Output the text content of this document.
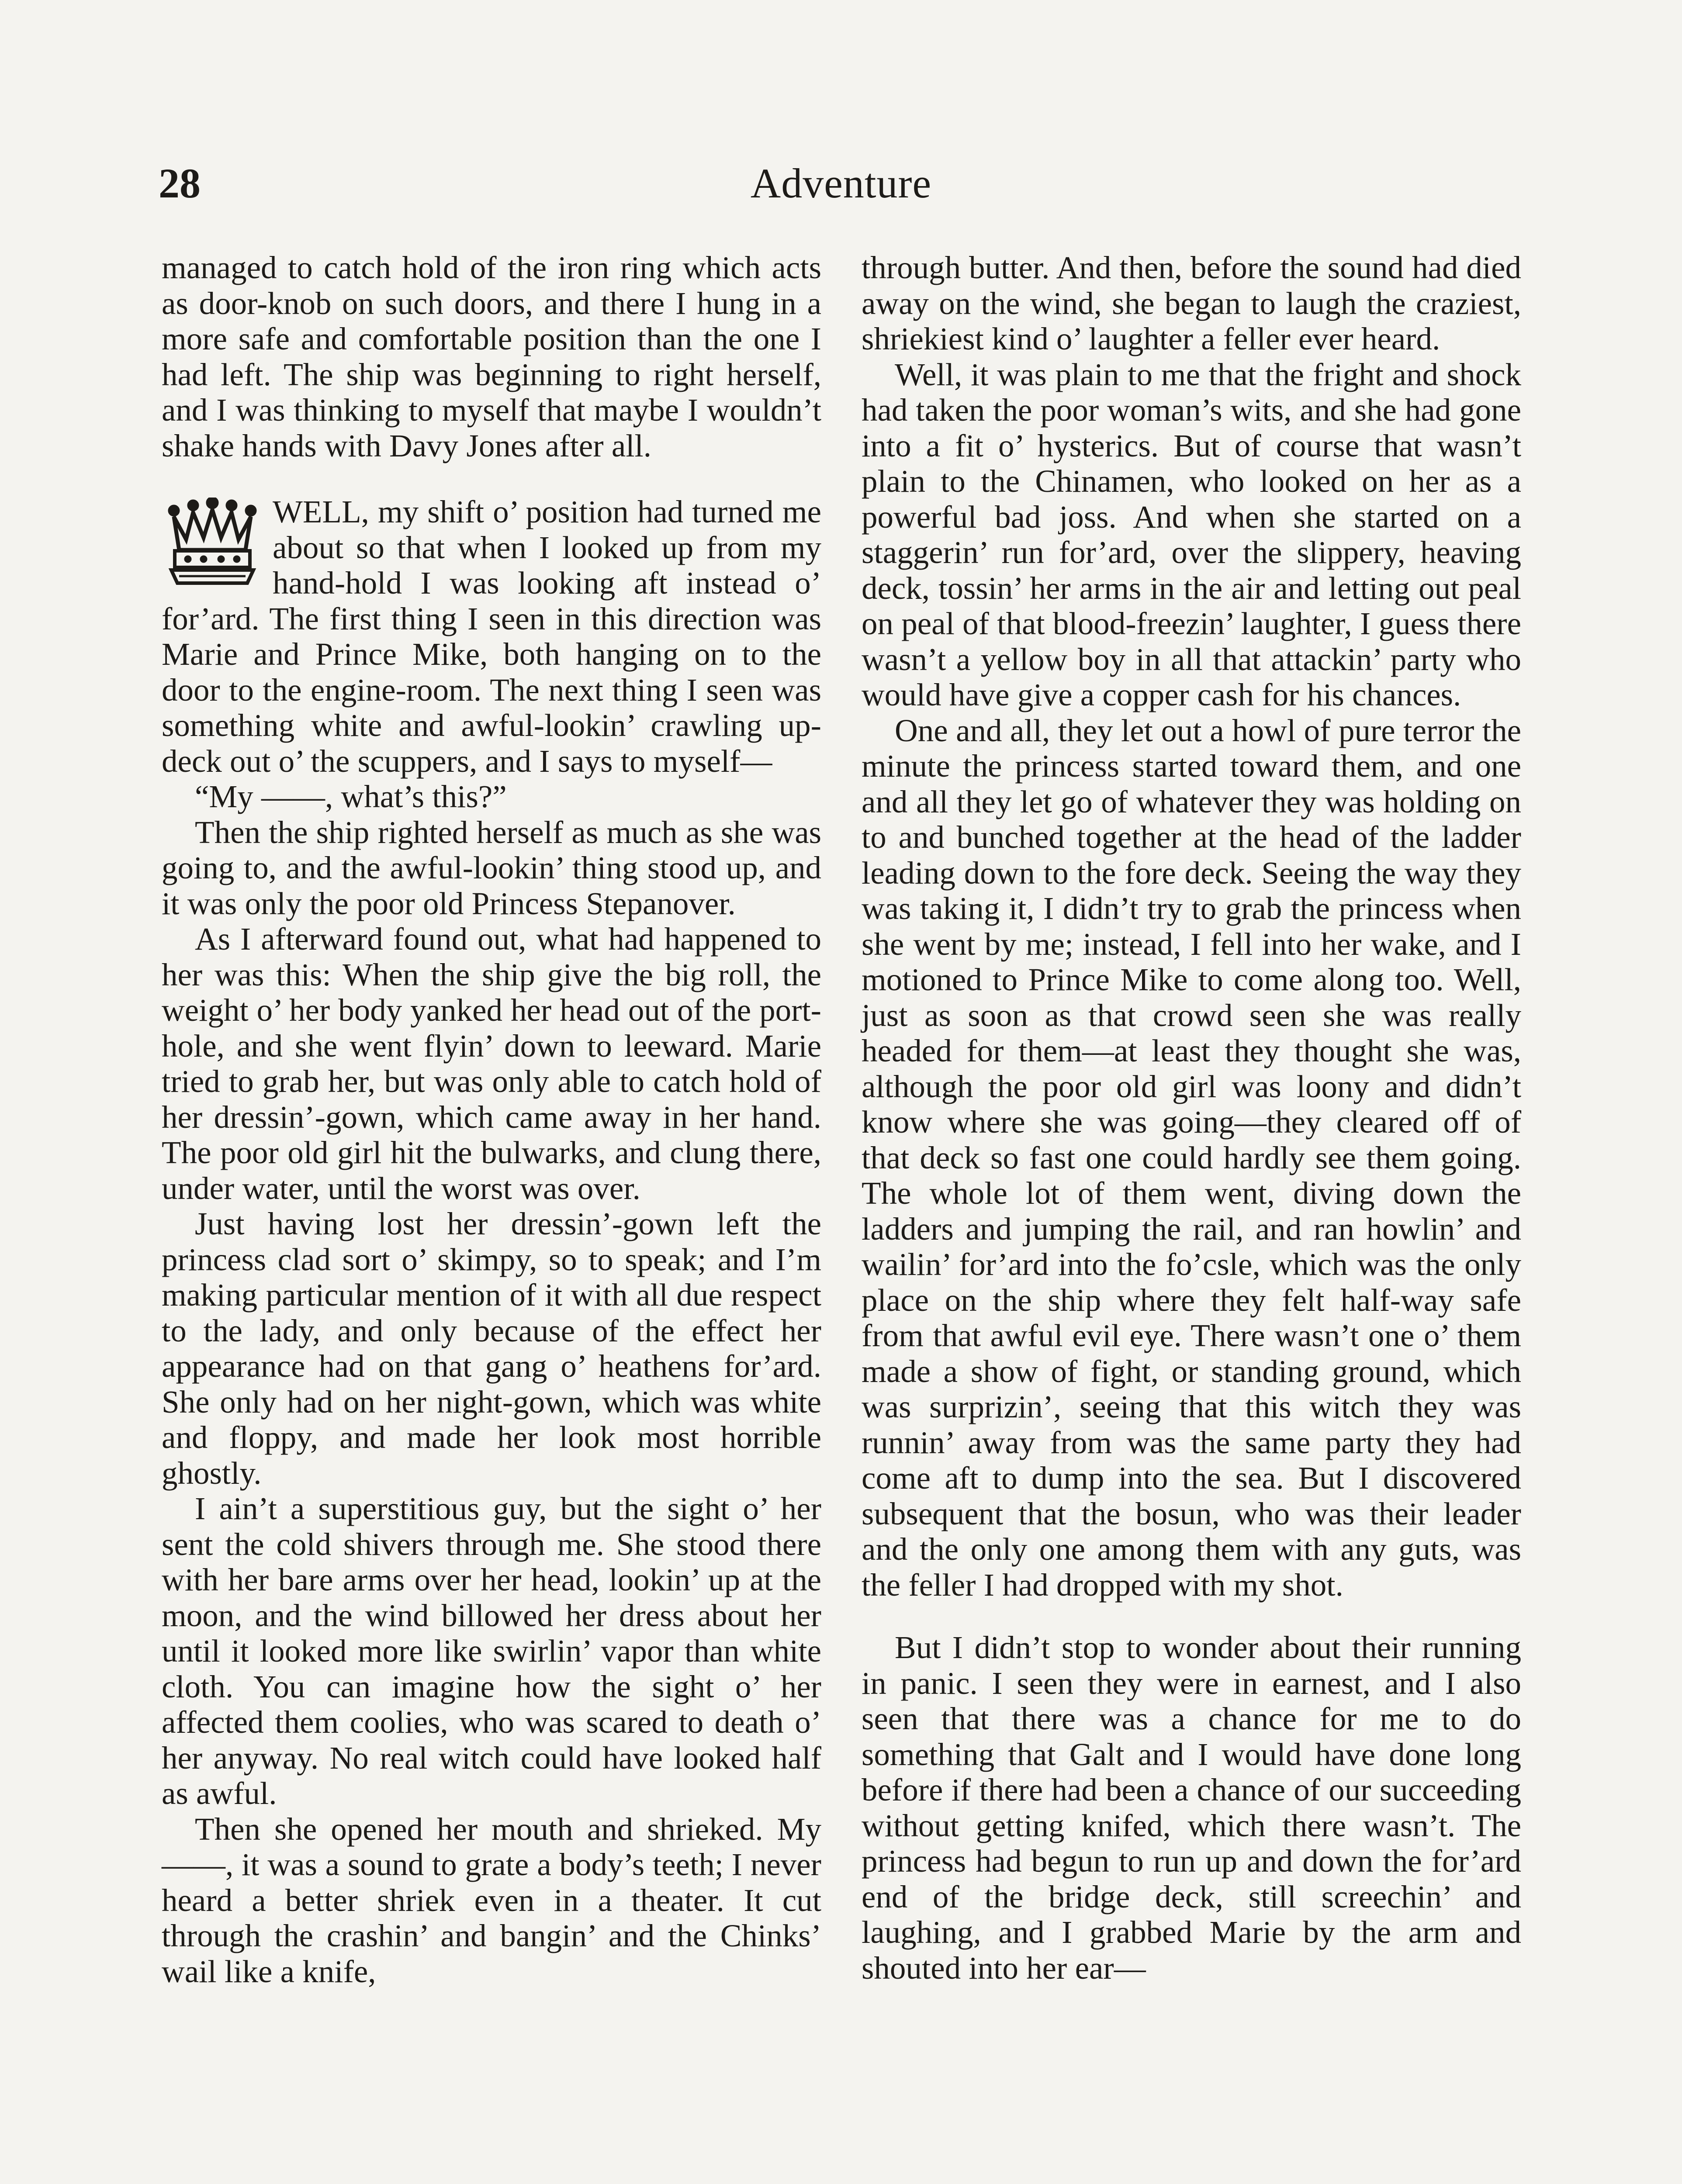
28	Adventure

managed to catch hold of the iron ring which acts as door-knob on such doors, and there I hung in a more safe and comfortable position than the one I had left. The ship was beginning to right herself, and I was thinking to myself that maybe I wouldn’t shake hands with Davy Jones after all.

WELL, my shift o’ position had turned me about so that when I looked up from my hand-hold I was looking aft instead o’ for’ard. The first thing I seen in this direction was Marie and Prince Mike, both hanging on to the door to the engine-room. The next thing I seen was something white and awful-lookin’ crawling up-deck out o’ the scuppers, and I says to myself—

“My ——, what’s this?”

Then the ship righted herself as much as she was going to, and the awful-lookin’ thing stood up, and it was only the poor old Princess Stepanover.

As I afterward found out, what had happened to her was this: When the ship give the big roll, the weight o’ her body yanked her head out of the port-hole, and she went flyin’ down to leeward. Marie tried to grab her, but was only able to catch hold of her dressin’-gown, which came away in her hand. The poor old girl hit the bulwarks, and clung there, under water, until the worst was over.

Just having lost her dressin’-gown left the princess clad sort o’ skimpy, so to speak; and I’m making particular mention of it with all due respect to the lady, and only because of the effect her appearance had on that gang o’ heathens for’ard. She only had on her night-gown, which was white and floppy, and made her look most horrible ghostly.

I ain’t a superstitious guy, but the sight o’ her sent the cold shivers through me. She stood there with her bare arms over her head, lookin’ up at the moon, and the wind billowed her dress about her until it looked more like swirlin’ vapor than white cloth. You can imagine how the sight o’ her affected them coolies, who was scared to death o’ her anyway. No real witch could have looked half as awful.

Then she opened her mouth and shrieked. My ——, it was a sound to grate a body’s teeth; I never heard a better shriek even in a theater. It cut through the crashin’ and bangin’ and the Chinks’ wail like a knife,

through butter. And then, before the sound had died away on the wind, she began to laugh the craziest, shriekiest kind o’ laughter a feller ever heard.

Well, it was plain to me that the fright and shock had taken the poor woman’s wits, and she had gone into a fit o’ hysterics. But of course that wasn’t plain to the Chinamen, who looked on her as a powerful bad joss. And when she started on a staggerin’ run for’ard, over the slippery, heaving deck, tossin’ her arms in the air and letting out peal on peal of that blood-freezin’ laughter, I guess there wasn’t a yellow boy in all that attackin’ party who would have give a copper cash for his chances.

One and all, they let out a howl of pure terror the minute the princess started toward them, and one and all they let go of whatever they was holding on to and bunched together at the head of the ladder leading down to the fore deck. Seeing the way they was taking it, I didn’t try to grab the princess when she went by me; instead, I fell into her wake, and I motioned to Prince Mike to come along too. Well, just as soon as that crowd seen she was really headed for them—at least they thought she was, although the poor old girl was loony and didn’t know where she was going—they cleared off of that deck so fast one could hardly see them going. The whole lot of them went, diving down the ladders and jumping the rail, and ran howlin’ and wailin’ for’ard into the fo’csle, which was the only place on the ship where they felt half-way safe from that awful evil eye. There wasn’t one o’ them made a show of fight, or standing ground, which was surprizin’, seeing that this witch they was runnin’ away from was the same party they had come aft to dump into the sea. But I discovered subsequent that the bosun, who was their leader and the only one among them with any guts, was the feller I had dropped with my shot.

But I didn’t stop to wonder about their running in panic. I seen they were in earnest, and I also seen that there was a chance for me to do something that Galt and I would have done long before if there had been a chance of our succeeding without getting knifed, which there wasn’t. The princess had begun to run up and down the for’ard end of the bridge deck, still screechin’ and laughing, and I grabbed Marie by the arm and shouted into her ear—
